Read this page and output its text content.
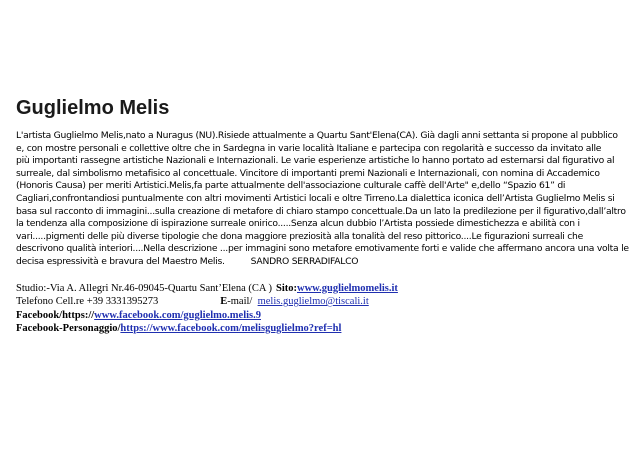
Guglielmo Melis
L'artista Guglielmo Melis,nato a Nuragus (NU).Risiede attualmente a Quartu Sant'Elena(CA). Già dagli anni settanta si propone al pubblico
e, con mostre personali e collettive oltre che in Sardegna in varie località Italiane e partecipa con regolarità e successo da invitato alle
più importanti rassegne artistiche Nazionali e Internazionali. Le varie esperienze artistiche lo hanno portato ad esternarsi dal figurativo al
surreale, dal simbolismo metafisico al concettuale. Vincitore di importanti premi Nazionali e Internazionali, con nomina di Accademico
(Honoris Causa) per meriti Artistici.Melis,fa parte attualmente dell'associazione culturale caffè dell'Arte" e,dello “Spazio 61” di
Cagliari,confrontandiosi puntualmente con altri movimenti Artistici locali e oltre Tirreno.La dialettica iconica dell’Artista Guglielmo Melis si
basa sul racconto di immagini...sulla creazione di metafore di chiaro stampo concettuale.Da un lato la predilezione per il figurativo,dall’altro
la tendenza alla composizione di ispirazione surreale onirico.....Senza alcun dubbio l’Artista possiede dimestichezza e abilità con i
vari.....pigmenti delle più diverse tipologie che dona maggiore preziosità alla tonalità del reso pittorico....Le figurazioni surreali che
descrivono qualità interiori....Nella descrizione ...per immagini sono metafore emotivamente forti e valide che affermano ancora una volta le
decisa espressività e bravura del Maestro Melis.	SANDRO SERRADIFALCO
Studio:-Via A. Allegri Nr.46-09045-Quartu Sant’Elena (CA ) Sito:www.guglielmomelis.it
Telefono Cell.re +39 3331395273	E-mail/ melis.guglielmo@tiscali.it
Facebook/https://www.facebook.com/guglielmo.melis.9
Facebook-Personaggio/https://www.facebook.com/melisguglielmo?ref=hl
